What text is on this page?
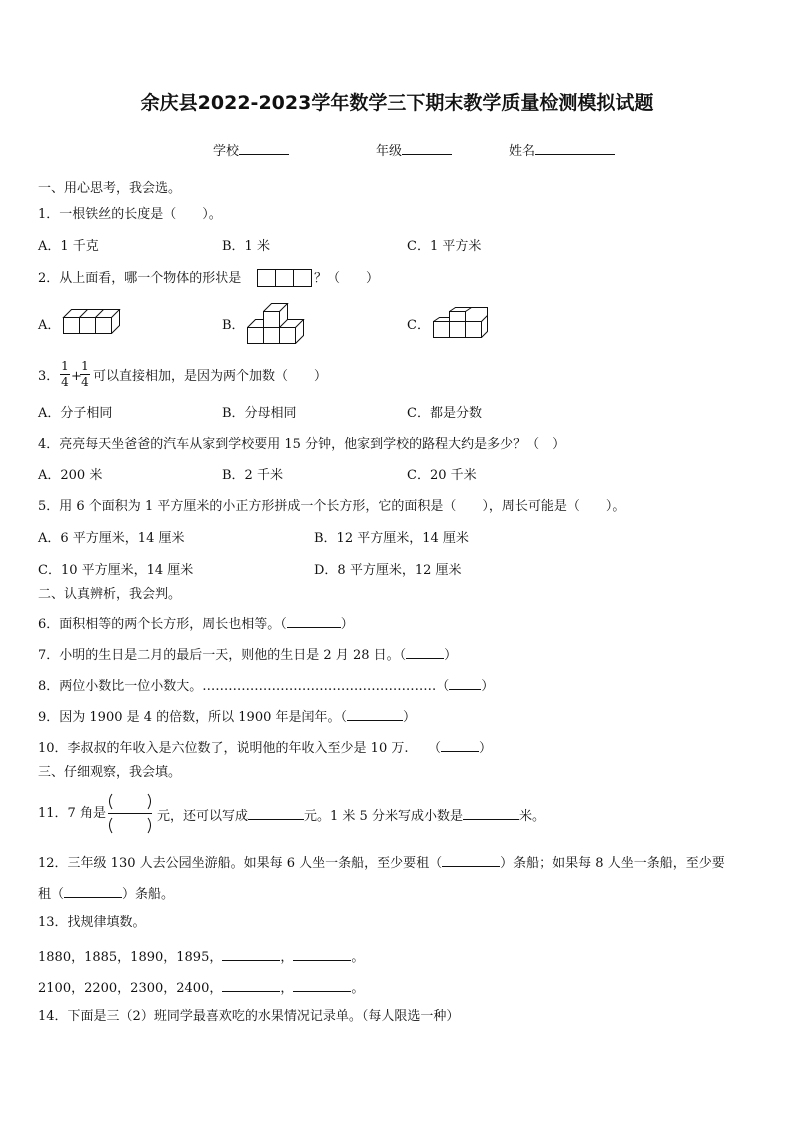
余庆县2022-2023学年数学三下期末教学质量检测模拟试题
学校	年级	姓名
一、用心思考，我会选。
1．一根铁丝的长度是（　　）。
A．1 千克	B．1 米	C．1 平方米
2．从上面看，哪一个物体的形状是	？（　　）
A．	B．	C．
3．
1
4 +
1
4 可以直接相加，是因为两个加数（　　）
A．分子相同	B．分母相同	C．都是分数
4．亮亮每天坐爸爸的汽车从家到学校要用 15 分钟，他家到学校的路程大约是多少？（　）
A．200 米	B．2 千米	C．20 千米
5．用 6 个面积为 1 平方厘米的小正方形拼成一个长方形，它的面积是（　　），周长可能是（　　）。
A．6 平方厘米，14 厘米	B．12 平方厘米，14 厘米
C．10 平方厘米，14 厘米	D．8 平方厘米，12 厘米
二、认真辨析，我会判。
6．面积相等的两个长方形，周长也相等。（	）
7．小明的生日是二月的最后一天，则他的生日是 2 月 28 日。（	）
8．两位小数比一位小数大。………………………………………………（ ）
9．因为 1900 是 4 的倍数，所以 1900 年是闰年。（	）
10．李叔叔的年收入是六位数了，说明他的年收入至少是 10 万.　　（	）
三、仔细观察，我会填。
11．7 角是	元，还可以写成	元。1 米 5 分米写成小数是	米。
12．三年级 130 人去公园坐游船。如果每 6 人坐一条船，至少要租（	）条船；如果每 8 人坐一条船，至少要
租（	）条船。
13．找规律填数。
1880，1885，1890，1895，	，	。
2100，2200，2300，2400，	，	。
14．下面是三（2）班同学最喜欢吃的水果情况记录单。（每人限选一种）
